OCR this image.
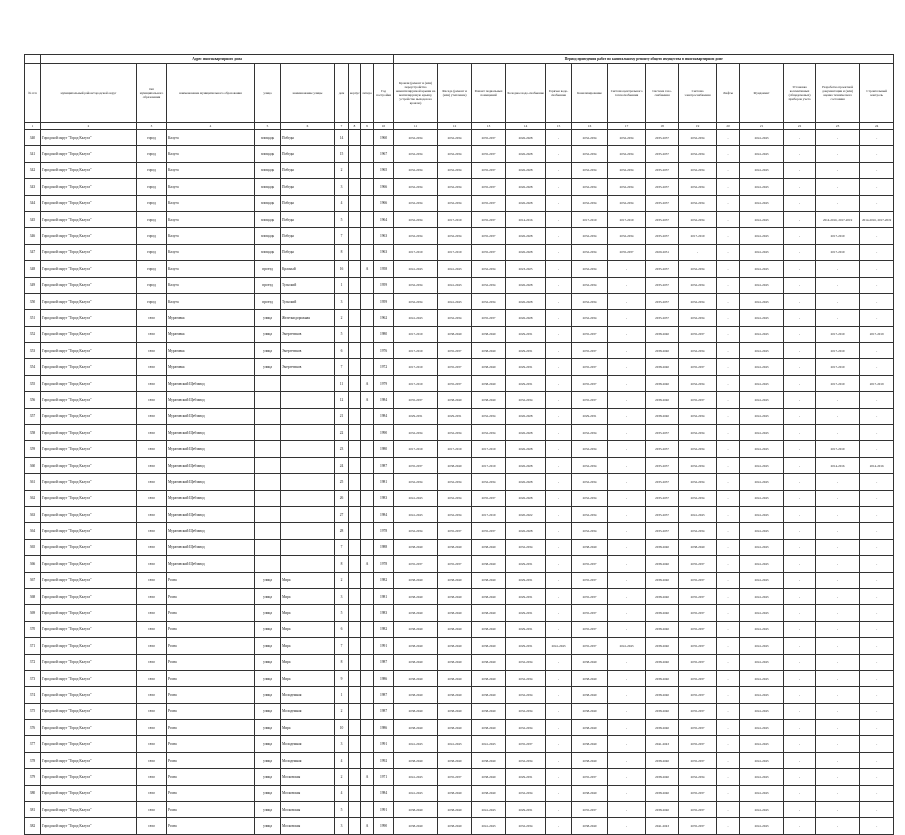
	Адрес многоквартирного дома									Период проведения работ по капитальному ремонту общего имущества в многоквартирном доме													
№ п/п	муниципальный район/городской округ	тип муниципального образования	наименование муниципального образования	улица	наименование улицы	дом	корпус	литера	Год постройки	Кровли (ремонт и (или) переустройство невентилируемой крыши на вентилируемую крышу, устройство выходов на кровлю)	Фасада (ремонт и (или) утепление)	Ремонт подвальных помещений	Холодное водо-снабжение	Горячее водо-снабжение	Канализирование	Система центрального теплоснабжения	Система газо-снабжения	Система электроснабжения	Лифты	Фундамент	Установка коллективных (общедомовых) приборов учета	Разработка проектной документации и (или) оценка технического состояния	Строительный контроль
1	2	3	4	5	6	7	8	9	10	11	12	13	14	15	16	17	18	19	20	21	22	23	24
340	Городской округ "Город Калуга"	город	Калуга	площадь	Победы	14			1960	2032-2034	2032-2034	2035-2037	2026-2028	-	2032-2034	2032-2034	2035-2037	2032-2034	-	2041-2043	-	-	-
341	Городской округ "Город Калуга"	город	Калуга	площадь	Победы	15			1967	2032-2034	2032-2034	2035-2037	2026-2028	-	2032-2034	2032-2034	2035-2037	2032-2034	-	2041-2043	-	-	-
342	Городской округ "Город Калуга"	город	Калуга	площадь	Победы	2			1965	2032-2034	2032-2034	2035-2037	2026-2028	-	2032-2034	2032-2034	2035-2037	2032-2034	-	2041-2043	-	-	-
343	Городской округ "Город Калуга"	город	Калуга	площадь	Победы	3			1966	2032-2034	2032-2034	2035-2037	2026-2028	-	2032-2034	2032-2034	2035-2037	2032-2034	-	2041-2043	-	-	-
344	Городской округ "Город Калуга"	город	Калуга	площадь	Победы	4			1966	2032-2034	2032-2034	2035-2037	2026-2028	-	2032-2034	2032-2034	2035-2037	2032-2034	-	2041-2043	-	-	-
345	Городской округ "Город Калуга"	город	Калуга	площадь	Победы	5			1964	2032-2034	2017-2019	2035-2037	2014-2016	-	2017-2019	2017-2019	2035-2037	2032-2034	-	2041-2043	-	2014-2016, 2017-2019	2014-2016, 2017-2019
346	Городской округ "Город Калуга"	город	Калуга	площадь	Победы	7			1963	2032-2034	2032-2034	2035-2037	2026-2028	-	2032-2034	2032-2034	2035-2037	2017-2019	-	2041-2043	-	2017-2019	-
347	Городской округ "Город Калуга"	город	Калуга	площадь	Победы	8			1963	2017-2019	2017-2019	2035-2037	2026-2028	-	2032-2034	2035-2037	2029-2031	-	-	2041-2043	-	2017-2019	-
348	Городской округ "Город Калуга"	город	Калуга	проезд	Красный	16		А	1958	2041-2043	2041-2043	2032-2034	2023-2025	-	2032-2034	-	2035-2037	2032-2034	-	2041-2043	-	-	-
349	Городской округ "Город Калуга"	город	Калуга	проезд	Тульский	1			1959	2032-2034	2041-2043	2032-2034	2026-2028	-	2032-2034	-	2035-2037	2032-2034	-	2041-2043	-	-	-
350	Городской округ "Город Калуга"	город	Калуга	проезд	Тульский	3			1959	2032-2034	2041-2043	2032-2034	2026-2028	-	2032-2034	-	2035-2037	2032-2034	-	2041-2043	-	-	-
351	Городской округ "Город Калуга"	село	Муратовка	улица	Железнодорожная	2			1962	2041-2043	2032-2034	2035-2037	2026-2028	-	2032-2034	-	2035-2037	2032-2034	-	2041-2043	-	-	-
352	Городской округ "Город Калуга"	село	Муратовка	улица	Энергетиков	5			1980	2017-2019	2038-2040	2038-2040	2029-2031	-	2035-2037	-	2038-2040	2035-2037	-	2041-2043	-	2017-2019	2017-2019
353	Городской округ "Город Калуга"	село	Муратовка	улица	Энергетиков	6			1976	2017-2019	2035-2037	2038-2040	2029-2031	-	2035-2037	-	2038-2040	2032-2034	-	2041-2043	-	2017-2019	-
354	Городской округ "Город Калуга"	село	Муратовка	улица	Энергетиков	7			1972	2017-2019	2035-2037	2038-2040	2029-2031	-	2035-2037	-	2038-2040	2035-2037	-	2041-2043	-	2017-2019	-
355	Городской округ "Город Калуга"	село	Муратовский Щебзавод			11		А	1979	2017-2019	2035-2037	2038-2040	2029-2031	-	2035-2037	-	2038-2040	2032-2034	-	2041-2043	-	2017-2019	2017-2019
356	Городской округ "Город Калуга"	село	Муратовский Щебзавод			12		А	1984	2035-2037	2038-2040	2038-2040	2032-2034	-	2035-2037	-	2038-2040	2035-2037	-	2041-2043	-	-	-
357	Городской округ "Город Калуга"	село	Муратовский Щебзавод			21			1984	2029-2031	2029-2031	2032-2034	2026-2028	-	2029-2031	-	2038-2040	2032-2034	-	2041-2043	-	-	-
358	Городской округ "Город Калуга"	село	Муратовский Щебзавод			22			1990	2032-2034	2032-2034	2032-2034	2026-2028	-	2032-2034	-	2035-2037	2032-2034	-	2041-2043	-	-	-
359	Городской округ "Город Калуга"	село	Муратовский Щебзавод			23			1980	2017-2019	2017-2019	2017-2019	2026-2028	-	2032-2034	-	2035-2037	2032-2034	-	2041-2043	-	2017-2019	-
360	Городской округ "Город Калуга"	село	Муратовский Щебзавод			24			1987	2035-2037	2038-2040	2017-2019	2026-2028	-	2032-2034	-	2035-2037	2032-2034	-	2041-2043	-	2014-2016	2014-2016
361	Городской округ "Город Калуга"	село	Муратовский Щебзавод			25			1981	2032-2034	2032-2034	2032-2034	2026-2028	-	2032-2034	-	2035-2037	2032-2034	-	2041-2043	-	-	-
362	Городской округ "Город Калуга"	село	Муратовский Щебзавод			26			1983	2041-2043	2032-2034	2035-2037	2026-2028	-	2032-2034	-	2035-2037	2032-2034	-	2041-2043	-	-	-
363	Городской округ "Город Калуга"	село	Муратовский Щебзавод			27			1984	2041-2043	2032-2034	2017-2019	2020-2022	-	2032-2034	-	2035-2037	2041-2043	-	2041-2043	-	-	-
364	Городской округ "Город Калуга"	село	Муратовский Щебзавод			28			1978	2032-2034	2035-2037	2035-2037	2026-2028	-	2032-2034	-	2035-2037	2032-2034	-	2041-2043	-	-	-
365	Городской округ "Город Калуга"	село	Муратовский Щебзавод			7			1988	2038-2040	2038-2040	2038-2040	2032-2034	-	2038-2040	-	2038-2040	2038-2040	-	2041-2043	-	-	-
366	Городской округ "Город Калуга"	село	Муратовский Щебзавод			8		А	1978	2035-2037	2035-2037	2038-2040	2029-2031	-	2035-2037	-	2038-2040	2035-2037	-	2041-2043	-	-	-
367	Городской округ "Город Калуга"	село	Росва	улица	Мира	2			1982	2038-2040	2038-2040	2038-2040	2029-2031	-	2035-2037	-	2038-2040	2035-2037	-	2041-2043	-	-	-
368	Городской округ "Город Калуга"	село	Росва	улица	Мира	3			1981	2038-2040	2038-2040	2038-2040	2029-2031	-	2035-2037	-	2038-2040	2035-2037	-	2041-2043	-	-	-
369	Городской округ "Город Калуга"	село	Росва	улица	Мира	5			1983	2038-2040	2038-2040	2038-2040	2029-2031	-	2035-2037	-	2038-2040	2035-2037	-	2041-2043	-	-	-
370	Городской округ "Город Калуга"	село	Росва	улица	Мира	6			1982	2038-2040	2038-2040	2038-2040	2029-2031	-	2035-2037	-	2038-2040	2035-2037	-	2041-2043	-	-	-
371	Городской округ "Город Калуга"	село	Росва	улица	Мира	7			1991	2038-2040	2038-2040	2038-2040	2029-2031	2041-2043	2035-2037	2041-2043	2038-2040	2035-2037	-	2041-2043	-	-	-
372	Городской округ "Город Калуга"	село	Росва	улица	Мира	8			1987	2038-2040	2038-2040	2038-2040	2032-2034	-	2038-2040	-	2038-2040	2035-2037	-	2041-2043	-	-	-
373	Городской округ "Город Калуга"	село	Росва	улица	Мира	9			1986	2038-2040	2038-2040	2038-2040	2032-2034	-	2038-2040	-	2038-2040	2035-2037	-	2041-2043	-	-	-
374	Городской округ "Город Калуга"	село	Росва	улица	Молодежная	1			1987	2038-2040	2038-2040	2038-2040	2032-2034	-	2038-2040	-	2038-2040	2035-2037	-	2041-2043	-	-	-
375	Городской округ "Город Калуга"	село	Росва	улица	Молодежная	2			1987	2038-2040	2038-2040	2038-2040	2032-2034	-	2038-2040	-	2038-2040	2035-2037	-	2041-2043	-	-	-
376	Городской округ "Город Калуга"	село	Росва	улица	Мира	10			1986	2038-2040	2038-2040	2038-2040	2032-2034	-	2038-2040	-	2038-2040	2035-2037	-	2041-2043	-	-	-
377	Городской округ "Город Калуга"	село	Росва	улица	Молодежная	3			1991	2041-2043	2041-2043	2041-2043	2035-2037	-	2038-2040	-	2041-2043	2035-2037	-	2041-2043	-	-	-
378	Городской округ "Город Калуга"	село	Росва	улица	Молодежная	4			1992	2038-2040	2038-2040	2038-2040	2032-2034	-	2038-2040	-	2038-2040	2035-2037	-	2041-2043	-	-	-
379	Городской округ "Город Калуга"	село	Росва	улица	Московская	2		А	1971	2041-2043	2035-2037	2038-2040	2029-2031	-	2035-2037	-	2038-2040	2032-2034	-	2041-2043	-	-	-
380	Городской округ "Город Калуга"	село	Росва	улица	Московская	4			1984	2041-2043	2038-2040	2038-2040	2032-2034	-	2038-2040	-	2038-2040	2035-2037	-	2041-2043	-	-	-
381	Городской округ "Город Калуга"	село	Росва	улица	Московская	5			1991	2038-2040	2038-2040	2041-2043	2029-2031	-	2035-2037	-	2038-2040	2035-2037	-	2041-2043	-	-	-
382	Городской округ "Город Калуга"	село	Росва	улица	Московская	3		А	1990	2038-2040	2038-2040	2041-2043	2032-2034	-	2038-2040	-	2041-2043	2035-2037	-	2041-2043	-	-	-
